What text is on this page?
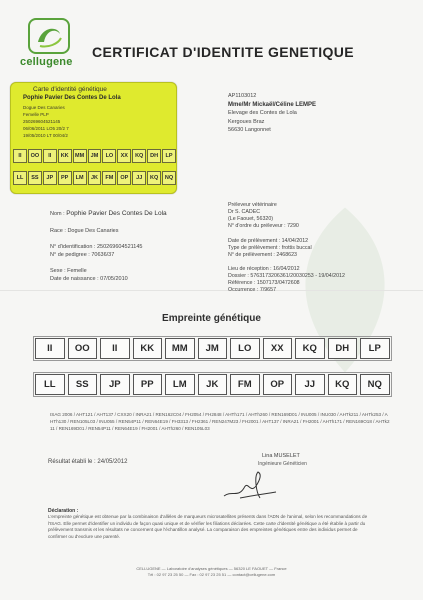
cellugene
CERTIFICAT D'IDENTITE GENETIQUE
Carte d'identité génétique
Pophie Pavier Des Contes De Lola
Dogue Des Canaries
Femelle PLP
250269604521145
06/06/2011 LO5 20/2 7
19/05/2010 LT 00/04/2
II	OO	II	KK	MM	JM	LO	XX	KQ	DH	LP
LL	SS	JP	PP	LM	JK	FM	OP	JJ	KQ	NQ
AP1103012
Mme/Mr Mickaël/Céline LEMPE
Elevage des Contes de Lola
Kergoues Braz
56630 Langonnet
Nom : Pophie Pavier Des Contes De Lola
Race : Dogue Des Canaries
N° d'identification : 250269604521145
N° de pedigree : 70636/37
Sexe : Femelle
Date de naissance : 07/05/2010
Préleveur vétérinaire
Dr S. CADEC
(Le Faouet, 56320)
N° d'ordre du préleveur : 7290
Date de prélèvement : 14/04/2012
Type de prélèvement : frottis buccal
N° de prélèvement : 2468623
Lieu de réception : 16/04/2012
Dossier : 5763173206361/20030253 - 19/04/2012
Référence : 1507173/0472608
Occurrence : 7/9657
Empreinte génétique
II	OO	II	KK	MM	JM	LO	XX	KQ	DH	LP
LL	SS	JP	PP	LM	JK	FM	OP	JJ	KQ	NQ
ISAG 2006 / AHT121 / AHT137 / CXX20 / INRA21 / REN162C04 / FH2054 / FH2848 / AHTh171 / AHTh260 / REN169D01 / INU005 / INU030 / AHTk211 / AHTk253 / AHTh130 / REN105L03 / INU055 / REN54P11 / REN64E19 / FH3313 / FH2361 / REN247M23 / FH2001 / AHT137 / INRA21 / FH2001 / AHTh171 / REN169O18 / AHTk211 / REN169D01 / REN54P11 / REN64E19 / FH2001 / AHTh260 / REN105L03
Résultat établi le : 24/05/2012
Lina MUSELET
Ingénieure Généticien
Déclaration :
L'empreinte génétique est obtenue par la combinaison d'allèles de marqueurs microsatellites présents dans l'ADN de l'animal, selon les recommandations de l'ISAG. Elle permet d'identifier un individu de façon quasi unique et de vérifier les filiations déclarées. Cette carte d'identité génétique a été établie à partir du prélèvement transmis et les résultats ne concernent que l'échantillon analysé. La comparaison des empreintes génétiques entre des individus permet de confirmer ou d'exclure une parenté.
CELLUGENE — Laboratoire d'analyses génétiques — 56320 LE FAOUET — France
Tél : 02 97 23 25 50 — Fax : 02 97 23 25 51 — contact@cellugene.com
